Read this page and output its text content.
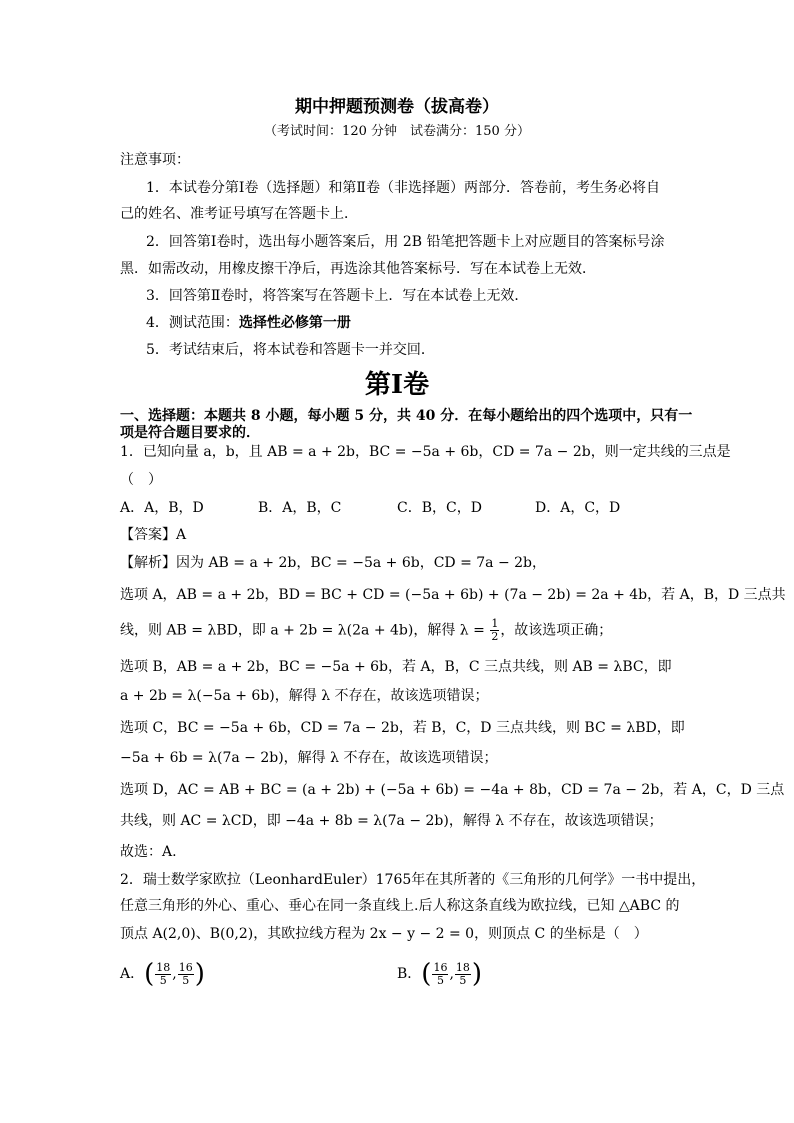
期中押题预测卷（拔高卷）
（考试时间：120 分钟　试卷满分：150 分）
注意事项：
1．本试卷分第Ⅰ卷（选择题）和第Ⅱ卷（非选择题）两部分．答卷前，考生务必将自
己的姓名、准考证号填写在答题卡上．
2．回答第Ⅰ卷时，选出每小题答案后，用 2B 铅笔把答题卡上对应题目的答案标号涂
黑．如需改动，用橡皮擦干净后，再选涂其他答案标号．写在本试卷上无效．
3．回答第Ⅱ卷时，将答案写在答题卡上．写在本试卷上无效．
4．测试范围：选择性必修第一册
5．考试结束后，将本试卷和答题卡一并交回．
第Ⅰ卷
一、选择题：本题共 8 小题，每小题 5 分，共 40 分．在每小题给出的四个选项中，只有一
项是符合题目要求的．
1．已知向量 a，b，且 AB = a + 2b，BC = −5a + 6b，CD = 7a − 2b，则一定共线的三点是
（　）
A．A，B，D	B．A，B，C	C．B，C，D	D．A，C，D
【答案】A
【解析】因为 AB = a + 2b，BC = −5a + 6b，CD = 7a − 2b，
选项 A，AB = a + 2b，BD = BC + CD = (−5a + 6b) + (7a − 2b) = 2a + 4b，若 A，B，D 三点共
线，则 AB = λBD，即 a + 2b = λ(2a + 4b)，解得 $\lambda = \frac{1}{2}$ ，故该选项正确；
选项 B，AB = a + 2b，BC = −5a + 6b，若 A，B，C 三点共线，则 AB = λBC，即
a + 2b = λ(−5a + 6b)，解得 λ 不存在，故该选项错误；
选项 C，BC = −5a + 6b，CD = 7a − 2b，若 B，C，D 三点共线，则 BC = λBD，即
−5a + 6b = λ(7a − 2b)，解得 λ 不存在，故该选项错误；
选项 D，AC = AB + BC = (a + 2b) + (−5a + 6b) = −4a + 8b，CD = 7a − 2b，若 A，C，D 三点
共线，则 AC = λCD，即 −4a + 8b = λ(7a − 2b)，解得 λ 不存在，故该选项错误；
故选：A.
2．瑞士数学家欧拉（LeonhardEuler）1765年在其所著的《三角形的几何学》一书中提出，
任意三角形的外心、重心、垂心在同一条直线上.后人称这条直线为欧拉线，已知 △ABC 的
顶点 A(2,0)、B(0,2)，其欧拉线方程为 2x − y − 2 = 0，则顶点 C 的坐标是（　）
A．( $\frac{18}{5}$ , $\frac{16}{5}$ )	B．( $\frac{16}{5}$ , $\frac{18}{5}$ )
